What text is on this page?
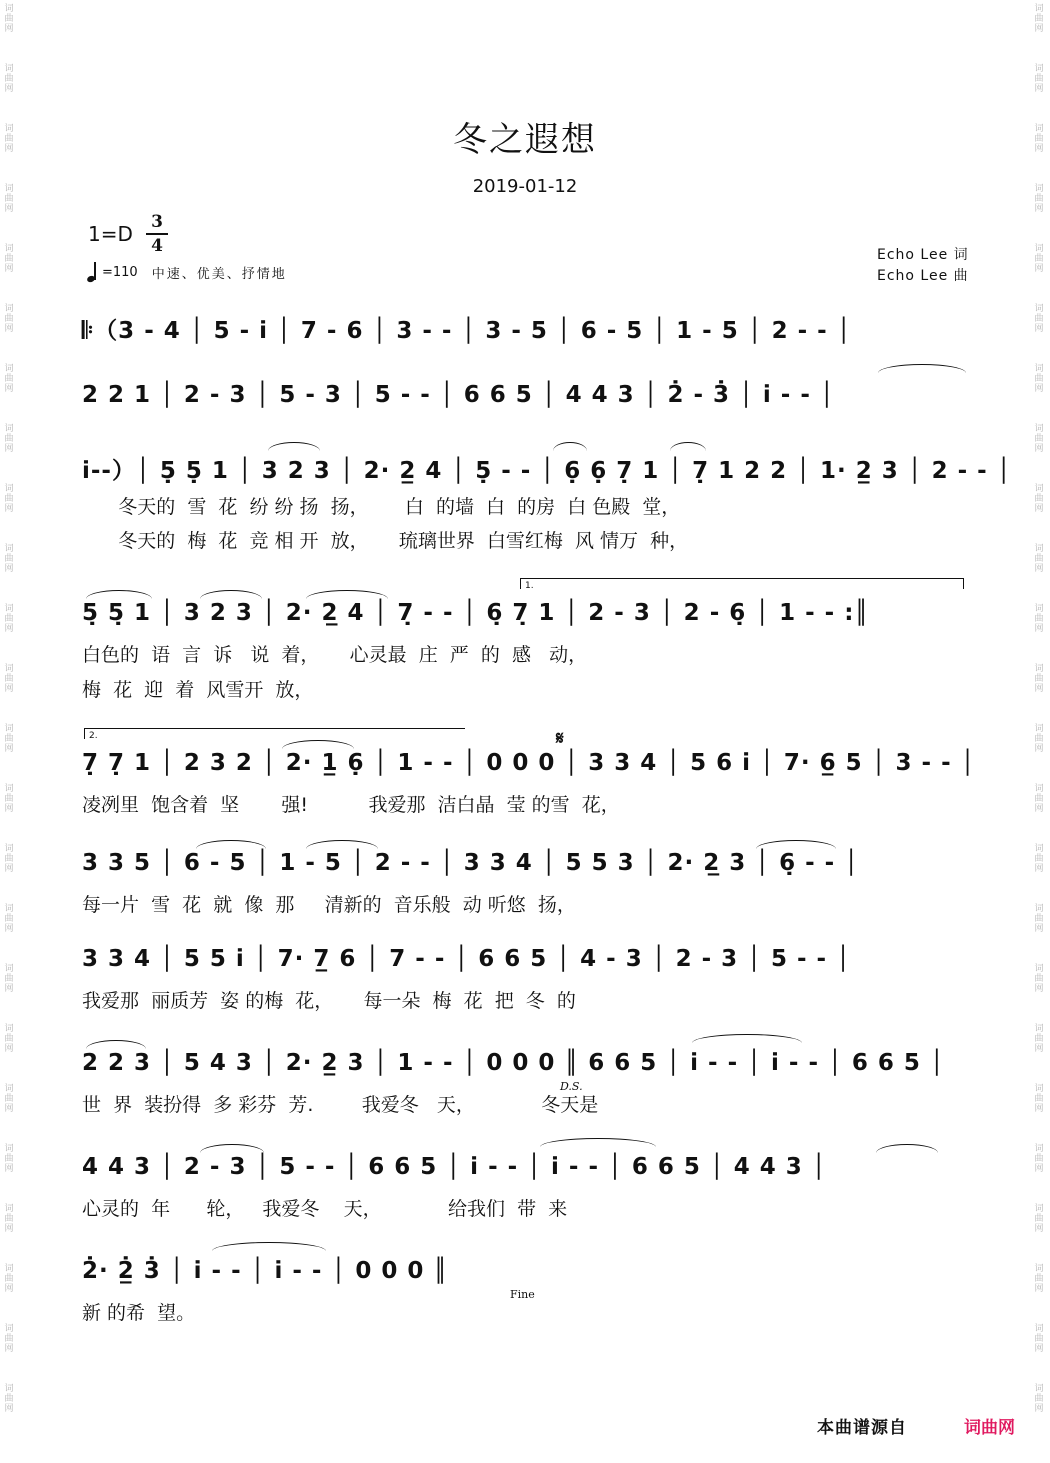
词
曲
网
词
曲
网
词
曲
网
词
曲
网
词
曲
网
词
曲
网
词
曲
网
词
曲
网
词
曲
网
词
曲
网
词
曲
网
词
曲
网
词
曲
网
词
曲
网
词
曲
网
词
曲
网
词
曲
网
词
曲
网
词
曲
网
词
曲
网
词
曲
网
词
曲
网
词
曲
网
词
曲
网
词
曲
网
词
曲
网
词
曲
网
词
曲
网
词
曲
网
词
曲
网
词
曲
网
词
曲
网
词
曲
网
词
曲
网
词
曲
网
词
曲
网
词
曲
网
词
曲
网
词
曲
网
词
曲
网
词
曲
网
词
曲
网
词
曲
网
词
曲
网
词
曲
网
词
曲
网
词
曲
网
词
曲
网
冬之遐想
2019-01-12
1=D 3
4
=110 中速、优美、抒情地
Echo Lee 词
Echo Lee 曲
𝄆（3 - 4 │ 5 - i̇ │ 7 - 6 │ 3 - - │ 3 - 5 │ 6 - 5 │ 1 - 5 │ 2 - - │
2 2 1 │ 2 - 3 │ 5 - 3 │ 5 - - │ 6 6 5 │ 4 4 3 │ 2̇ - 3̇ │ i̇ - - │
i̇--）│ 5̣ 5̣ 1 │ 3 2 3 │ 2· 2̲ 4 │ 5̣ - - │ 6̣ 6̣ 7̣ 1 │ 7̣ 1 2 2 │ 1· 2̲ 3 │ 2 - - │
冬天的  雪  花  纷 纷 扬  扬，      白  的墙  白  的房  白 色殿  堂，
冬天的  梅  花  竞 相 开  放，     琉璃世界  白雪红梅  风 情万  种，
1.
5̣ 5̣ 1 │ 3 2 3 │ 2· 2̲ 4 │ 7̣ - - │ 6̣ 7̣ 1 │ 2 - 3 │ 2 - 6̣ │ 1 - - :║
白色的  语  言  诉   说  着，     心灵最  庄  严  的  感   动，
梅  花  迎  着  风雪开  放，
2.	𝄋
7̣ 7̣ 1 │ 2 3 2 │ 2· 1̲ 6̣ │ 1 - - │ 0 0 0 │ 3 3 4 │ 5 6 i̇ │ 7· 6̲ 5 │ 3 - - │
凌冽里  饱含着  坚       强!          我爱那  洁白晶  莹 的雪  花，
3 3 5 │ 6 - 5 │ 1 - 5 │ 2 - - │ 3 3 4 │ 5 5 3 │ 2· 2̲ 3 │ 6̣ - - │
每一片  雪  花  就  像  那     清新的  音乐般  动 听悠  扬，
3 3 4 │ 5 5 i̇ │ 7· 7̲ 6 │ 7 - - │ 6 6 5 │ 4 - 3 │ 2 - 3 │ 5 - - │
我爱那  丽质芳  姿 的梅  花，     每一朵  梅  花  把  冬  的
2 2 3 │ 5 4 3 │ 2· 2̲ 3 │ 1 - - │ 0 0 0 ║ 6 6 5 │ i̇ - - │ i̇ - - │ 6 6 5 │
D.S.
世  界  装扮得  多 彩芬  芳.        我爱冬   天，           冬天是
4 4 3 │ 2 - 3 │ 5 - - │ 6 6 5 │ i̇ - - │ i̇ - - │ 6 6 5 │ 4 4 3 │
心灵的  年      轮，   我爱冬    天，           给我们  带  来
2̇· 2̲̇ 3̇ │ i̇ - - │ i̇ - - │ 0 0 0 ║
Fine
新 的希  望。
本曲谱源自	词曲网
